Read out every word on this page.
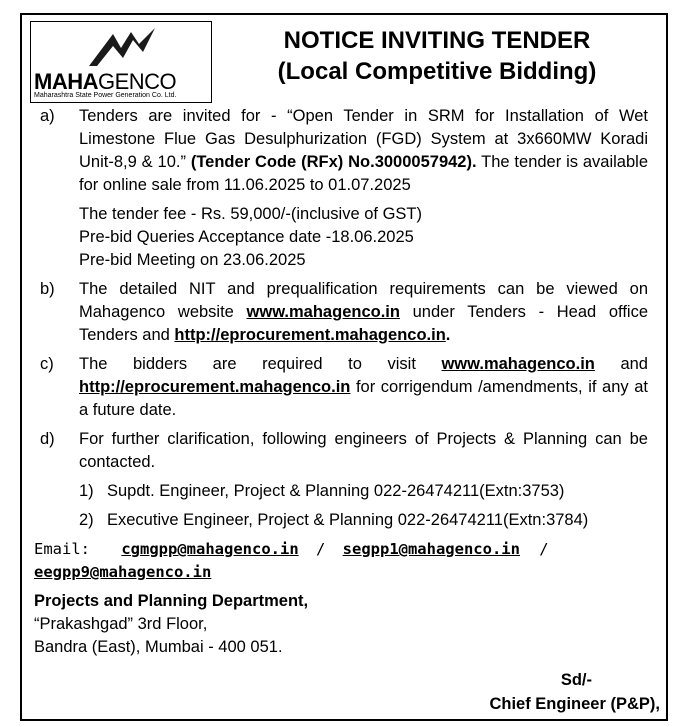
MAHAGENCO
Maharashtra State Power Generation Co. Ltd.
NOTICE INVITING TENDER
(Local Competitive Bidding)
a) Tenders are invited for - “Open Tender in SRM for Installation of Wet Limestone Flue Gas Desulphurization (FGD) System at 3x660MW Koradi Unit-8,9 & 10.” (Tender Code (RFx) No.3000057942). The tender is available for online sale from 11.06.2025 to 01.07.2025

The tender fee - Rs. 59,000/-(inclusive of GST)

Pre-bid Queries Acceptance date -18.06.2025

Pre-bid Meeting on 23.06.2025

b) The detailed NIT and prequalification requirements can be viewed on Mahagenco website www.mahagenco.in under Tenders - Head office Tenders and http://eprocurement.mahagenco.in.

c) The bidders are required to visit www.mahagenco.in and http://eprocurement.mahagenco.in for corrigendum /amendments, if any at a future date.

d) For further clarification, following engineers of Projects & Planning can be contacted.

1) Supdt. Engineer, Project & Planning 022-26474211(Extn:3753)
2) Executive Engineer, Project & Planning 022-26474211(Extn:3784)
Email: cgmgpp@mahagenco.in / segpp1@mahagenco.in /
eegpp9@mahagenco.in
Projects and Planning Department,
“Prakashgad” 3rd Floor,
Bandra (East), Mumbai - 400 051.
Sd/-
Chief Engineer (P&P),
